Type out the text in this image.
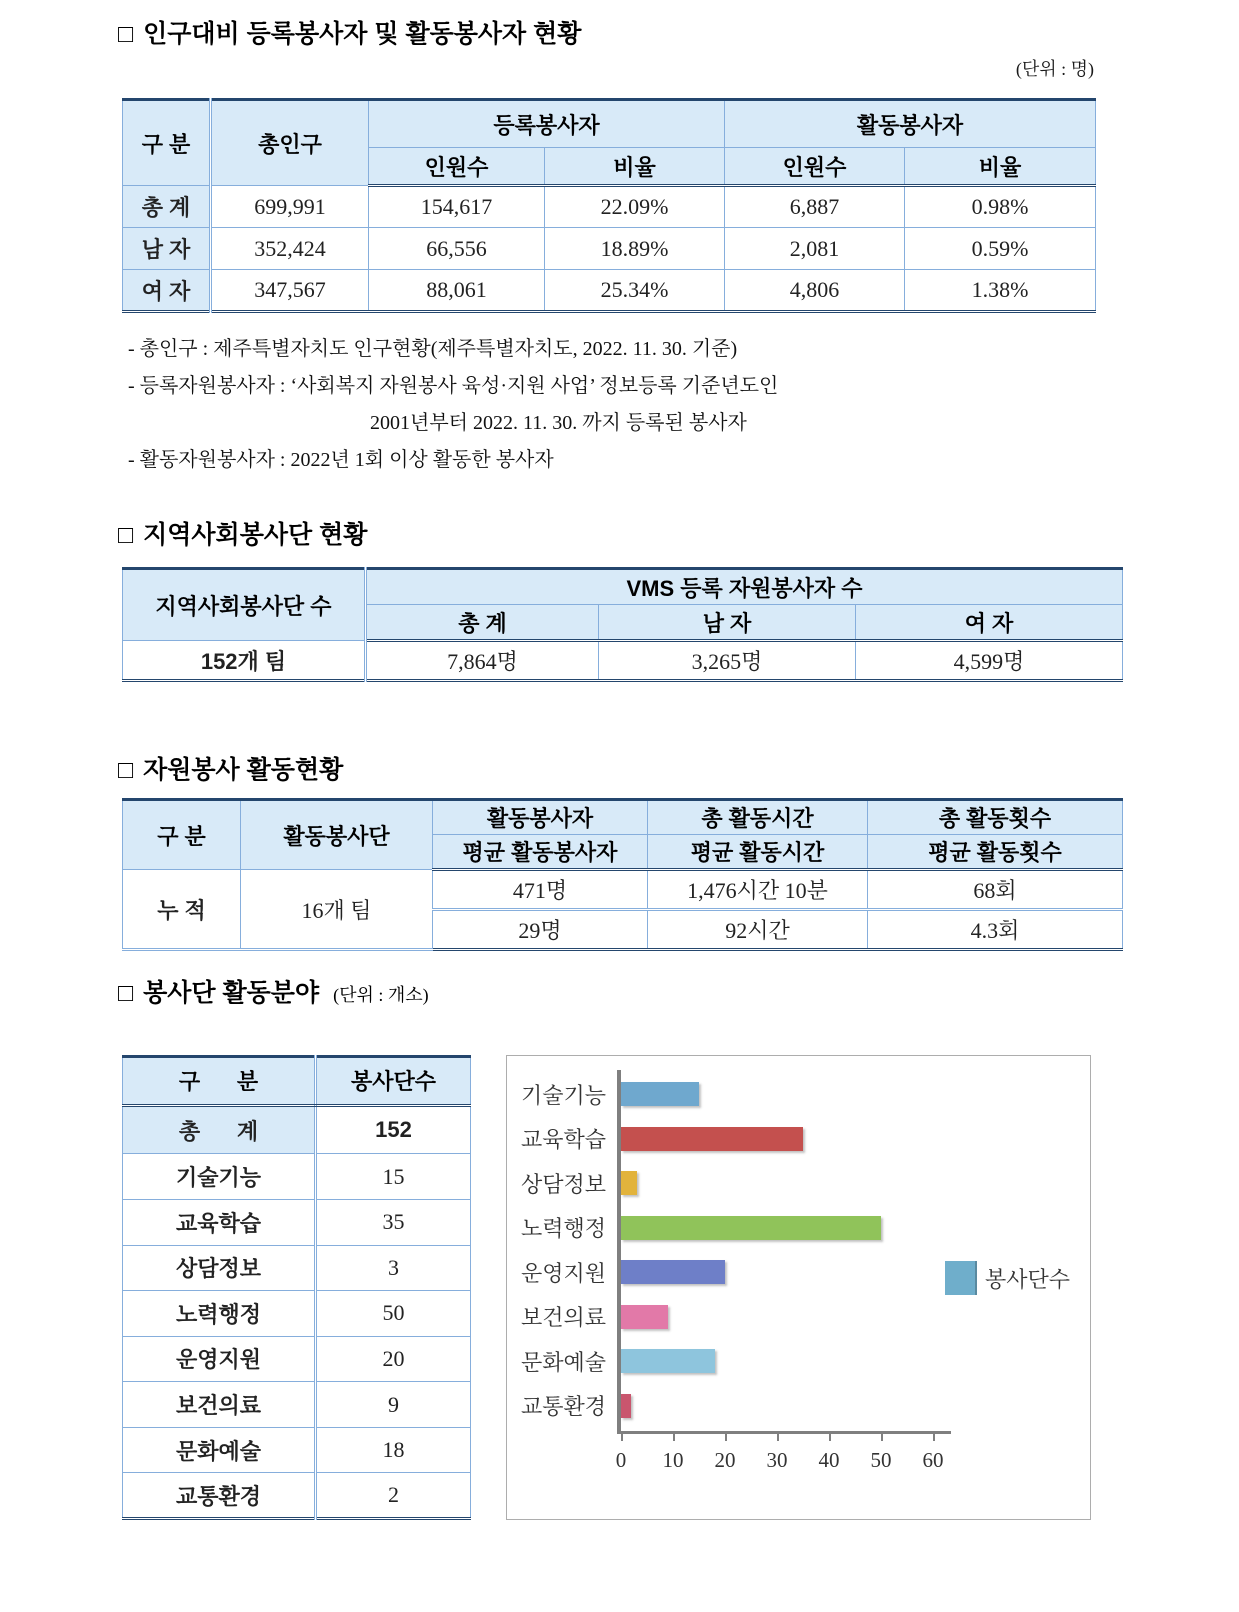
□ 인구대비 등록봉사자 및 활동봉사자 현황
(단위 : 명)
구 분	총인구	등록봉사자		활동봉사자	
		인원수	비율	인원수	비율
총 계	699,991	154,617	22.09%	6,887	0.98%
남 자	352,424	66,556	18.89%	2,081	0.59%
여 자	347,567	88,061	25.34%	4,806	1.38%
- 총인구 : 제주특별자치도 인구현황(제주특별자치도, 2022. 11. 30. 기준)
- 등록자원봉사자 : ‘사회복지 자원봉사 육성·지원 사업’ 정보등록 기준년도인
2001년부터 2022. 11. 30. 까지 등록된 봉사자
- 활동자원봉사자 : 2022년 1회 이상 활동한 봉사자
□ 지역사회봉사단 현황
지역사회봉사단 수	VMS 등록 자원봉사자 수		
	총 계	남 자	여 자
152개 팀	7,864명	3,265명	4,599명
□ 자원봉사 활동현황
구 분	활동봉사단	활동봉사자	총 활동시간	총 활동횟수
		평균 활동봉사자	평균 활동시간	평균 활동횟수
누 적	16개 팀	471명	1,476시간 10분	68회
		29명	92시간	4.3회
□ 봉사단 활동분야 (단위 : 개소)
구      분	봉사단수
총      계	152
기술기능	15
교육학습	35
상담정보	3
노력행정	50
운영지원	20
보건의료	9
문화예술	18
교통환경	2
기술기능
교육학습
상담정보
노력행정
운영지원
보건의료
문화예술
교통환경
0 10 20 30 40 50 60
봉사단수
